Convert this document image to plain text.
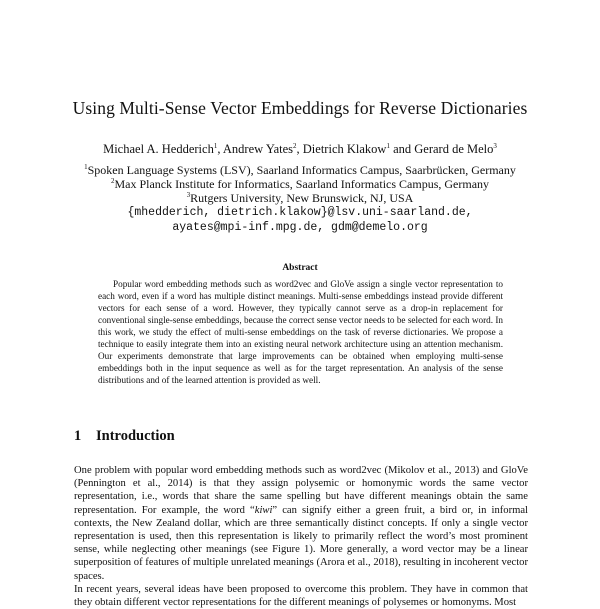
Using Multi-Sense Vector Embeddings for Reverse Dictionaries
Michael A. Hedderich$^1$, Andrew Yates$^2$, Dietrich Klakow$^1$ and Gerard de Melo$^3$
$^1$Spoken Language Systems (LSV), Saarland Informatics Campus, Saarbrücken, Germany
$^2$Max Planck Institute for Informatics, Saarland Informatics Campus, Germany
$^3$Rutgers University, New Brunswick, NJ, USA
{mhedderich, dietrich.klakow}@lsv.uni-saarland.de,
ayates@mpi-inf.mpg.de, gdm@demelo.org
Abstract

Popular word embedding methods such as word2vec and GloVe assign a single vector representation to each word, even if a word has multiple distinct meanings. Multi-sense embeddings instead provide different vectors for each sense of a word. However, they typically cannot serve as a drop-in replacement for conventional single-sense embeddings, because the correct sense vector needs to be selected for each word. In this work, we study the effect of multi-sense embeddings on the task of reverse dictionaries. We propose a technique to easily integrate them into an existing neural network architecture using an attention mechanism. Our experiments demonstrate that large improvements can be obtained when employing multi-sense embeddings both in the input sequence as well as for the target representation. An analysis of the sense distributions and of the learned attention is provided as well.

1 Introduction

One problem with popular word embedding methods such as word2vec (Mikolov et al., 2013) and GloVe (Pennington et al., 2014) is that they assign polysemic or homonymic words the same vector representation, i.e., words that share the same spelling but have different meanings obtain the same representation. For example, the word “kiwi” can signify either a green fruit, a bird or, in informal contexts, the New Zealand dollar, which are three semantically distinct concepts. If only a single vector representation is used, then this representation is likely to primarily reflect the word’s most prominent sense, while neglecting other meanings (see Figure 1). More generally, a word vector may be a linear superposition of features of multiple unrelated meanings (Arora et al., 2018), resulting in incoherent vector spaces.

In recent years, several ideas have been proposed to overcome this problem. They have in common that they obtain different vector representations for the different meanings of polysemes or homonyms. Most
